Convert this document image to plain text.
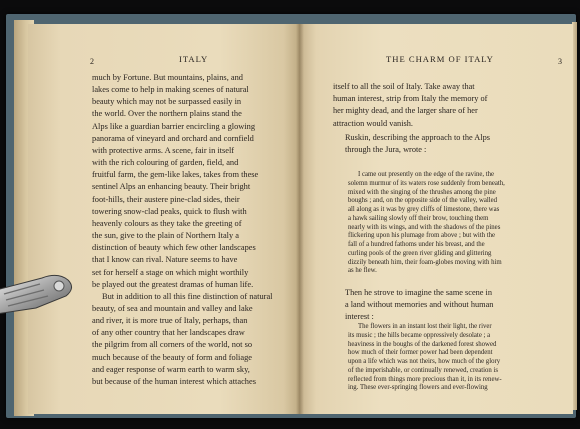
2	ITALY
much by Fortune. But mountains, plains, and
lakes come to help in making scenes of natural
beauty which may not be surpassed easily in
the world. Over the northern plains stand the
Alps like a guardian barrier encircling a glowing
panorama of vineyard and orchard and cornfield
with protective arms. A scene, fair in itself
with the rich colouring of garden, field, and
fruitful farm, the gem-like lakes, takes from these
sentinel Alps an enhancing beauty. Their bright
foot-hills, their austere pine-clad sides, their
towering snow-clad peaks, quick to flush with
heavenly colours as they take the greeting of
the sun, give to the plain of Northern Italy a
distinction of beauty which few other landscapes
that I know can rival. Nature seems to have
set for herself a stage on which might worthily
be played out the greatest dramas of human life.
But in addition to all this fine distinction of natural
beauty, of sea and mountain and valley and lake
and river, it is more true of Italy, perhaps, than
of any other country that her landscapes draw
the pilgrim from all corners of the world, not so
much because of the beauty of form and foliage
and eager response of warm earth to warm sky,
but because of the human interest which attaches
THE CHARM OF ITALY	3
itself to all the soil of Italy. Take away that
human interest, strip from Italy the memory of
her mighty dead, and the larger share of her
attraction would vanish.
Ruskin, describing the approach to the Alps
through the Jura, wrote :
I came out presently on the edge of the ravine, the
solemn murmur of its waters rose suddenly from beneath,
mixed with the singing of the thrushes among the pine
boughs ; and, on the opposite side of the valley, walled
all along as it was by grey cliffs of limestone, there was
a hawk sailing slowly off their brow, touching them
nearly with its wings, and with the shadows of the pines
flickering upon his plumage from above ; but with the
fall of a hundred fathoms under his breast, and the
curling pools of the green river gliding and glittering
dizzily beneath him, their foam-globes moving with him
as he flew.
Then he strove to imagine the same scene in
a land without memories and without human
interest :
The flowers in an instant lost their light, the river
its music ; the hills became oppressively desolate ; a
heaviness in the boughs of the darkened forest showed
how much of their former power had been dependent
upon a life which was not theirs, how much of the glory
of the imperishable, or continually renewed, creation is
reflected from things more precious than it, in its renew-
ing. These ever-springing flowers and ever-flowing
